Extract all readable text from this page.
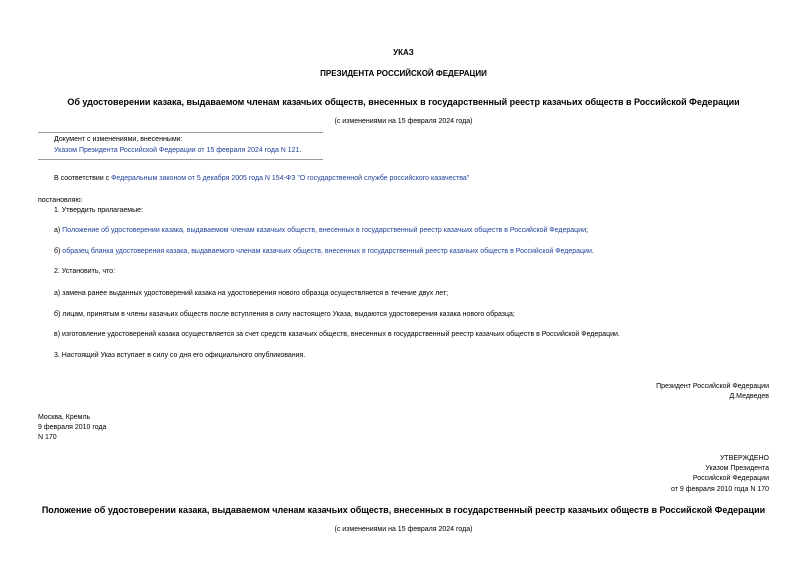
УКАЗ
ПРЕЗИДЕНТА РОССИЙСКОЙ ФЕДЕРАЦИИ
Об удостоверении казака, выдаваемом членам казачьих обществ, внесенных в государственный реестр казачьих обществ в Российской Федерации
(с изменениями на 15 февраля 2024 года)
Документ с изменениями, внесенными:
Указом Президента Российской Федерации от 15 февраля 2024 года N 121.
В соответствии с Федеральным законом от 5 декабря 2005 года N 154-ФЗ "О государственной службе российского казачества"
постановляю:
1. Утвердить прилагаемые:
а) Положение об удостоверении казака, выдаваемом членам казачьих обществ, внесенных в государственный реестр казачьих обществ в Российской Федерации;
б) образец бланка удостоверения казака, выдаваемого членам казачьих обществ, внесенных в государственный реестр казачьих обществ в Российской Федерации.
2. Установить, что:
а) замена ранее выданных удостоверений казака на удостоверения нового образца осуществляется в течение двух лет;
б) лицам, принятым в члены казачьих обществ после вступления в силу настоящего Указа, выдаются удостоверения казака нового образца;
в) изготовление удостоверений казака осуществляется за счет средств казачьих обществ, внесенных в государственный реестр казачьих обществ в Российской Федерации.
3. Настоящий Указ вступает в силу со дня его официального опубликования.
Президент Российской Федерации
Д.Медведев
Москва, Кремль
9 февраля 2010 года
N 170
УТВЕРЖДЕНО
Указом Президента
Российской Федерации
от 9 февраля 2010 года N 170
Положение об удостоверении казака, выдаваемом членам казачьих обществ, внесенных в государственный реестр казачьих обществ в Российской Федерации
(с изменениями на 15 февраля 2024 года)
